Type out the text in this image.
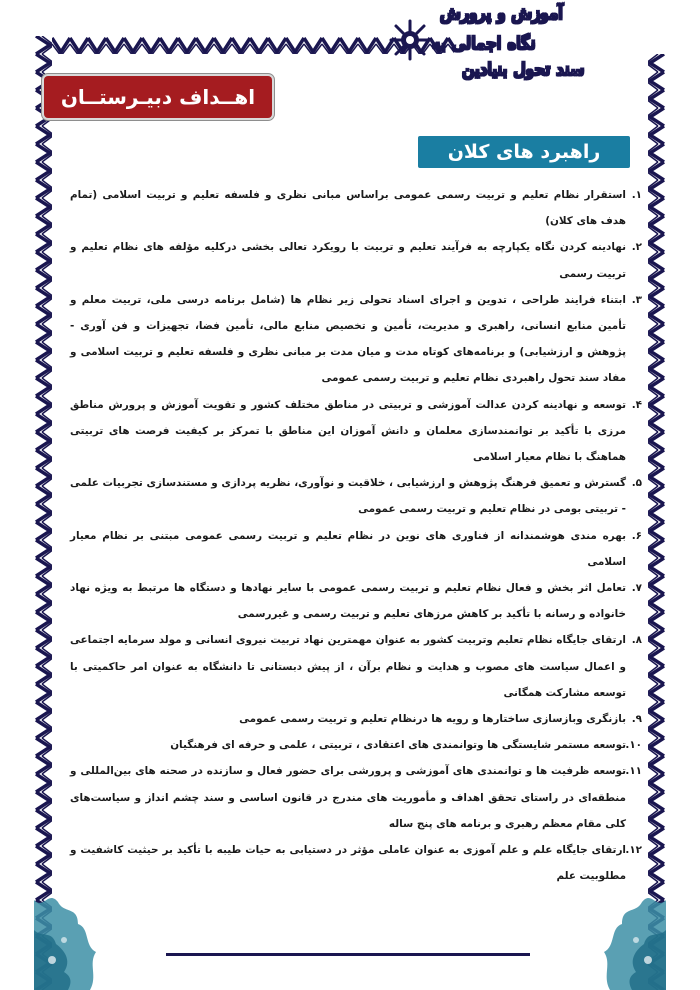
آموزش و پرورش
نگاه اجمالی به
سند تحول بنیادین
اهــداف دبیـرستــان
راهبرد های کلان
١.
استقرار نظام تعلیم و تربیت رسمی عمومی براساس مبانی نظری و فلسفه تعلیم و تربیت اسلامی (تمام هدف های کلان)
٢.
نهادینه کردن نگاه یکپارچه به فرآیند تعلیم و تربیت با رویکرد تعالی بخشی درکلیه مؤلفه های نظام تعلیم و تربیت رسمی
٣.
ابتناء فرایند طراحی ، تدوین و اجرای اسناد تحولی زیر نظام ها (شامل برنامه درسی ملی، تربیت معلم و تأمین منابع انسانی، راهبری و مدیریت، تأمین و تخصیص منابع مالی، تأمین فضا، تجهیزات و فن آوری - پژوهش و ارزشیابی) و برنامه‌های کوتاه مدت و میان مدت بر مبانی نظری و فلسفه تعلیم و تربیت اسلامی و مفاد سند تحول راهبردی نظام تعلیم و تربیت رسمی عمومی
۴.
توسعه و نهادینه کردن عدالت آموزشی و تربیتی در مناطق مختلف کشور و تقویت آموزش و پرورش مناطق مرزی با تأکید بر توانمندسازی معلمان و دانش آموزان این مناطق با تمرکز بر کیفیت فرصت های تربیتی هماهنگ با نظام معیار اسلامی
۵.
گسترش و تعمیق فرهنگ پژوهش و ارزشیابی ، خلاقیت و نوآوری، نظریه پردازی و مستندسازی تجربیات علمی - تربیتی بومی در نظام تعلیم و تربیت رسمی عمومی
۶.
بهره مندی هوشمندانه از فناوری های نوین در نظام تعلیم و تربیت رسمی عمومی مبتنی بر نظام معیار اسلامی
٧.
تعامل اثر بخش و فعال نظام تعلیم و تربیت رسمی عمومی با سایر نهادها و دستگاه ها مرتبط به ویژه نهاد خانواده و رسانه با تأکید بر کاهش مرزهای تعلیم و تربیت رسمی و غیررسمی
٨.
ارتقای جایگاه نظام تعلیم وتربیت کشور به عنوان مهمترین نهاد تربیت نیروی انسانی و مولد سرمایه اجتماعی و اعمال سیاست های مصوب و هدایت و نظام برآن ، از پیش دبستانی تا دانشگاه به عنوان امر حاکمیتی با توسعه مشارکت همگانی
٩.
بازنگری وبازسازی ساختارها و رویه ها درنظام تعلیم و تربیت رسمی عمومی
١٠.
توسعه مستمر شایستگی ها وتوانمندی های اعتقادی ، تربیتی ، علمی و حرفه ای فرهنگیان
١١.
توسعه ظرفیت ها و توانمندی های آموزشی و پرورشی برای حضور فعال و سازنده در صحنه های بین‌المللی و منطقه‌ای در راستای تحقق اهداف و مأموریت های مندرج در قانون اساسی و سند چشم انداز و سیاست‌های کلی مقام معظم رهبری و برنامه های پنج ساله
١٢.
ارتقای جایگاه علم و علم آموزی به عنوان عاملی مؤثر در دستیابی به حیات طیبه با تأکید بر حیثیت کاشفیت و مطلوبیت علم
